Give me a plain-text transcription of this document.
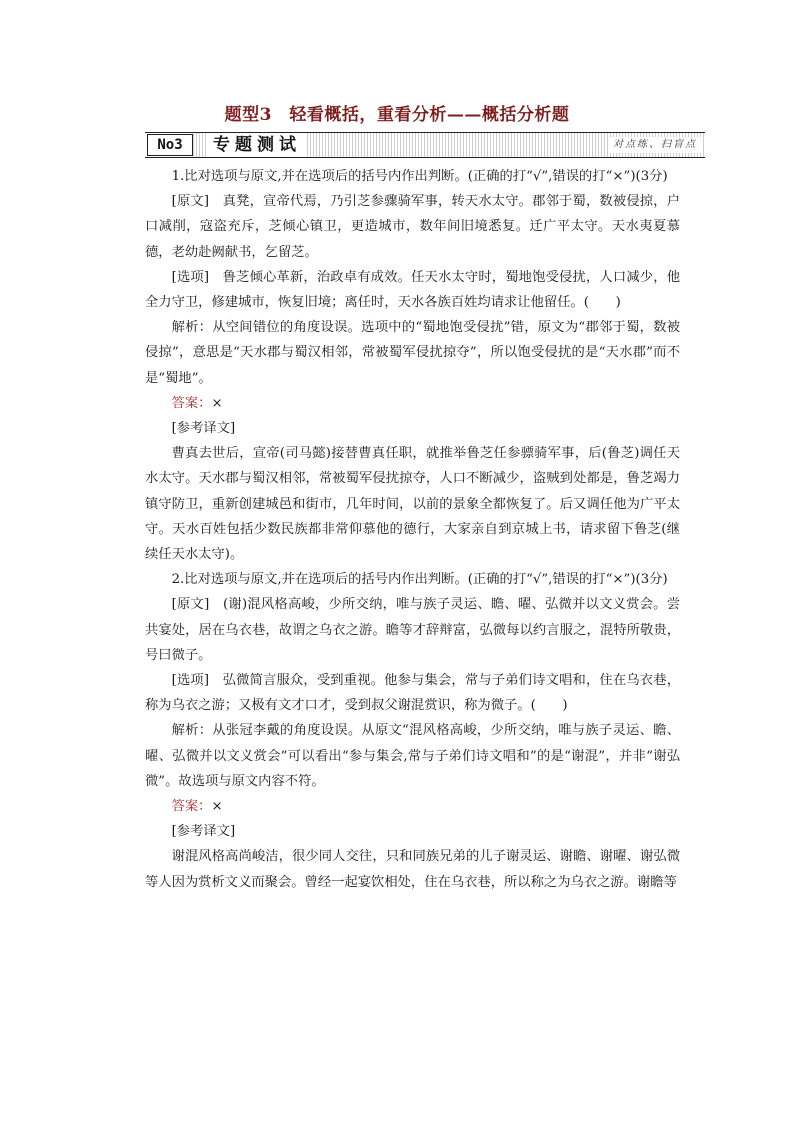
题型3　轻看概括，重看分析——概括分析题
No3	专题测试	对点练、扫盲点

1.比对选项与原文,并在选项后的括号内作出判断。(正确的打“√”,错误的打“×”)(3分)

[原文]　真凳，宣帝代焉，乃引芝参骤骑军事，转天水太守。郡邻于蜀，数被侵掠，户口减削，寇盗充斥，芝倾心镇卫，更造城市，数年间旧境悉复。迁广平太守。天水夷夏慕德，老幼赴阙献书，乞留芝。

[选项]　鲁芝倾心革新，治政卓有成效。任天水太守时，蜀地饱受侵扰，人口减少，他全力守卫，修建城市，恢复旧境；离任时，天水各族百姓均请求让他留任。(　　)

解析：从空间错位的角度设误。选项中的“蜀地饱受侵扰”错，原文为“郡邻于蜀，数被侵掠”，意思是“天水郡与蜀汉相邻，常被蜀军侵扰掠夺”，所以饱受侵扰的是“天水郡”而不是“蜀地”。

答案：×

[参考译文]

曹真去世后，宣帝(司马懿)接替曹真任职，就推举鲁芝任参骠骑军事，后(鲁芝)调任天水太守。天水郡与蜀汉相邻，常被蜀军侵扰掠夺，人口不断减少，盗贼到处都是，鲁芝竭力镇守防卫，重新创建城邑和街市，几年时间，以前的景象全都恢复了。后又调任他为广平太守。天水百姓包括少数民族都非常仰慕他的德行，大家亲自到京城上书，请求留下鲁芝(继续任天水太守)。

2.比对选项与原文,并在选项后的括号内作出判断。(正确的打“√”,错误的打“×”)(3分)

[原文]　(谢)混风格高峻，少所交纳，唯与族子灵运、瞻、曜、弘微并以文义赏会。尝共宴处，居在乌衣巷，故谓之乌衣之游。瞻等才辞辩富，弘微每以约言服之，混特所敬贵，号曰微子。

[选项]　弘微简言服众，受到重视。他参与集会，常与子弟们诗文唱和，住在乌衣巷，称为乌衣之游；又极有文才口才，受到叔父谢混赏识，称为微子。(　　)

解析：从张冠李戴的角度设误。从原文“混风格高峻，少所交纳，唯与族子灵运、瞻、曜、弘微并以文义赏会”可以看出“参与集会,常与子弟们诗文唱和”的是“谢混”，并非“谢弘微”。故选项与原文内容不符。

答案：×

[参考译文]

谢混风格高尚峻洁，很少同人交往，只和同族兄弟的儿子谢灵运、谢瞻、谢曜、谢弘微等人因为赏析文义而聚会。曾经一起宴饮相处，住在乌衣巷，所以称之为乌衣之游。谢瞻等
